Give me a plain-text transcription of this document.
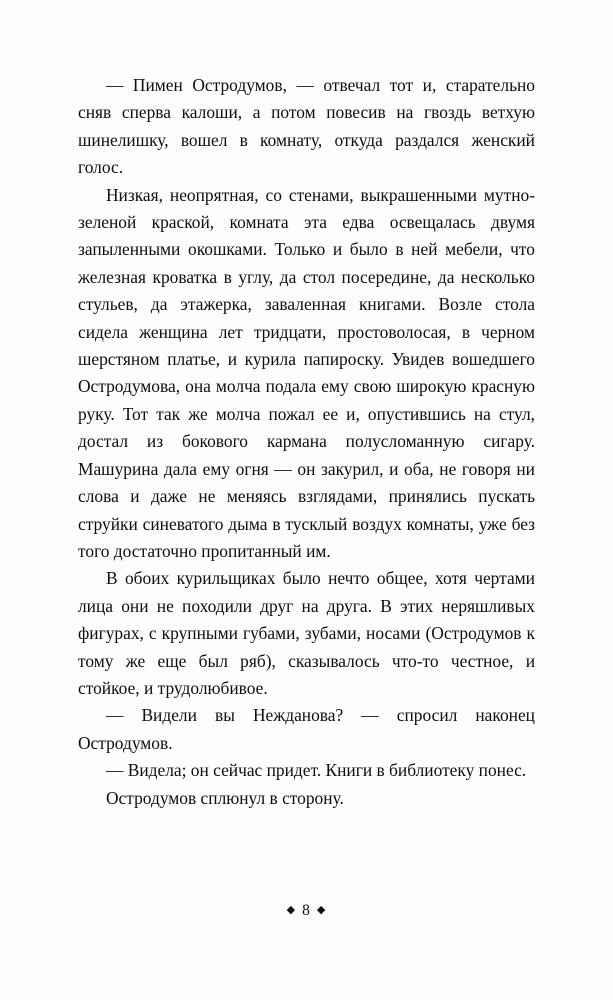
— Пимен Остродумов, — отвечал тот и, старательно сняв сперва калоши, а потом повесив на гвоздь ветхую шинелишку, вошел в комнату, откуда раздался женский голос.

Низкая, неопрятная, со стенами, выкрашенными мутно-зеленой краской, комната эта едва освещалась двумя запыленными окошками. Только и было в ней мебели, что железная кроватка в углу, да стол посередине, да несколько стульев, да этажерка, заваленная книгами. Возле стола сидела женщина лет тридцати, простоволосая, в черном шерстяном платье, и курила папироску. Увидев вошедшего Остродумова, она молча подала ему свою широкую красную руку. Тот так же молча пожал ее и, опустившись на стул, достал из бокового кармана полусломанную сигару. Машурина дала ему огня — он закурил, и оба, не говоря ни слова и даже не меняясь взглядами, принялись пускать струйки синеватого дыма в тусклый воздух комнаты, уже без того достаточно пропитанный им.

В обоих курильщиках было нечто общее, хотя чертами лица они не походили друг на друга. В этих неряшливых фигурах, с крупными губами, зубами, носами (Остродумов к тому же еще был ряб), сказывалось что-то честное, и стойкое, и трудолюбивое.

— Видели вы Нежданова? — спросил наконец Остродумов.

— Видела; он сейчас придет. Книги в библиотеку понес.

Остродумов сплюнул в сторону.

◆ 8 ◆
